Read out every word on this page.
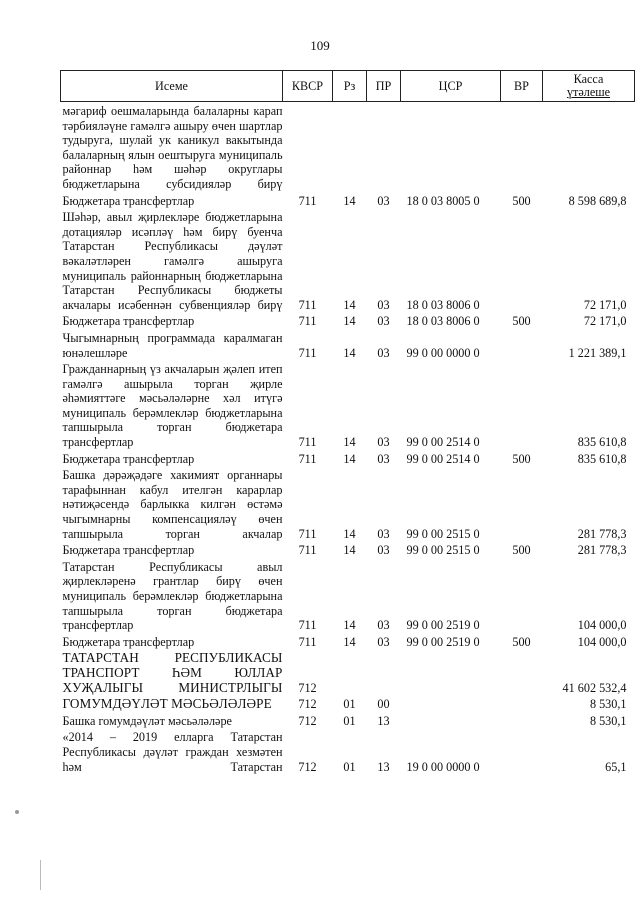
109
Исеме	КВСР	Рз	ПР	ЦСР	ВР	Касса
үтәлеше
мәгариф оешмаларында балаларны карап тәрбияләүне гамәлгә ашыру өчен шартлар тудыруга, шулай ук каникул вакытында балаларның ялын оештыруга муниципаль районнар һәм шәһәр округлары бюджетларына субсидияләр бирү						
Бюджетара трансфертлар	711	14	03	18 0 03 8005 0	500	8 598 689,8
Шәһәр, авыл җирлекләре бюджетларына дотацияләр исәпләү һәм бирү буенча Татарстан Республикасы дәүләт вәкаләтләрен гамәлгә ашыруга муниципаль районнарның бюджетларына Татарстан Республикасы бюджеты акчалары исәбеннән субвенцияләр бирү	711	14	03	18 0 03 8006 0		72 171,0
Бюджетара трансфертлар	711	14	03	18 0 03 8006 0	500	72 171,0
Чыгымнарның программада каралмаган юнәлешләре	711	14	03	99 0 00 0000 0		1 221 389,1
Гражданнарның үз акчаларын җәлеп итеп гамәлгә ашырыла торган җирле әһәмияттәге мәсьәләләрне хәл итүгә муниципаль берәмлекләр бюджетларына тапшырыла торган бюджетара трансфертлар	711	14	03	99 0 00 2514 0		835 610,8
Бюджетара трансфертлар	711	14	03	99 0 00 2514 0	500	835 610,8
Башка дәрәҗәдәге хакимият органнары тарафыннан кабул ителгән карарлар нәтиҗәсендә барлыкка килгән өстәмә чыгымнарны компенсацияләү өчен тапшырыла торган акчалар	711	14	03	99 0 00 2515 0		281 778,3
Бюджетара трансфертлар	711	14	03	99 0 00 2515 0	500	281 778,3
Татарстан Республикасы авыл җирлекләренә грантлар бирү өчен муниципаль берәмлекләр бюджетларына тапшырыла торган бюджетара трансфертлар	711	14	03	99 0 00 2519 0		104 000,0
Бюджетара трансфертлар	711	14	03	99 0 00 2519 0	500	104 000,0
ТАТАРСТАН РЕСПУБЛИКАСЫ ТРАНСПОРТ ҺӘМ ЮЛЛАР ХУҖАЛЫГЫ МИНИСТРЛЫГЫ	712					41 602 532,4
ГОМУМДӘҮЛӘТ МӘСЬӘЛӘЛӘРЕ	712	01	00			8 530,1
Башка гомумдәүләт мәсьәләләре	712	01	13			8 530,1
«2014 – 2019 елларга Татарстан Республикасы дәүләт граждан хезмәтен һәм Татарстан	712	01	13	19 0 00 0000 0		65,1
